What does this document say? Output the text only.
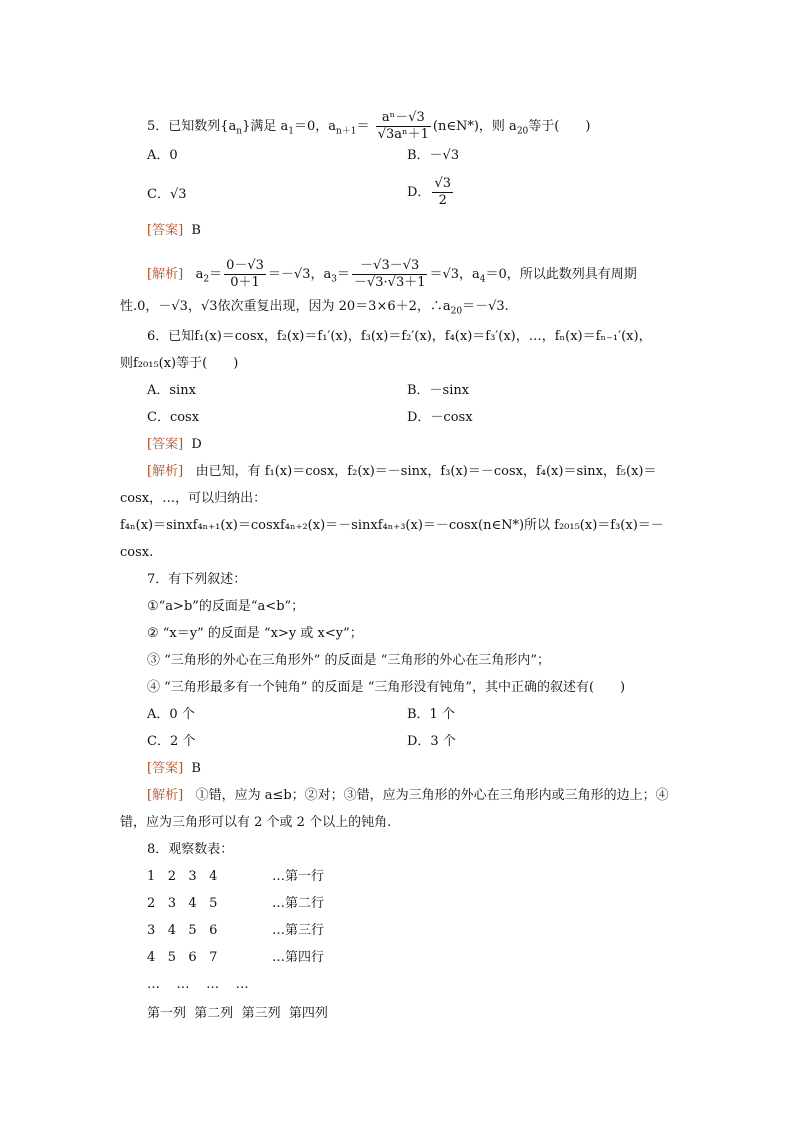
5．已知数列$\{a_n\}$满足 $a_1=0$，$a_{n+1}= \frac{\text{aⁿ－√3}}{\text{√3aⁿ＋1}}$ (n∈N*)，则 $a_{20}$等于(　　)
A．0	B．－√3
C．√3	D． $\frac{√3}{2}$
[答案] B
[解析] $a_2= \frac{0-√3}{0+1} =-√3$，$a_3= \frac{-√3-√3}{-√3\cdot√3+1} =√3$，$a_4=0$，所以此数列具有周期
性.0，－√3，√3依次重复出现，因为 20＝3×6＋2，$\therefore a_{20}=-√3$.
6．已知f₁(x)＝cosx，f₂(x)＝f₁′(x)，f₃(x)＝f₂′(x)，f₄(x)＝f₃′(x)，…，fₙ(x)＝fₙ₋₁′(x)，
则f₂₀₁₅(x)等于(　　)
A．sinx	B．－sinx
C．cosx	D．－cosx
[答案] D
[解析] 由已知，有 f₁(x)＝cosx，f₂(x)＝－sinx，f₃(x)＝－cosx，f₄(x)＝sinx，f₅(x)＝
cosx，…，可以归纳出：
f₄ₙ(x)＝sinxf₄ₙ₊₁(x)＝cosxf₄ₙ₊₂(x)＝－sinxf₄ₙ₊₃(x)＝－cosx(n∈N*)所以 f₂₀₁₅(x)＝f₃(x)＝－
cosx.
7．有下列叙述：
①“a>b”的反面是“a<b”；
② “x＝y” 的反面是 “x>y 或 x<y”；
③ “三角形的外心在三角形外” 的反面是 “三角形的外心在三角形内”；
④ “三角形最多有一个钝角” 的反面是 “三角形没有钝角”，其中正确的叙述有(　　)
A．0 个	B．1 个
C．2 个	D．3 个
[答案] B
[解析] ①错，应为 a≤b；②对；③错，应为三角形的外心在三角形内或三角形的边上；④
错，应为三角形可以有 2 个或 2 个以上的钝角.
8．观察数表：
1 2 3 4	…第一行
2 3 4 5	…第二行
3 4 5 6	…第三行
4 5 6 7	…第四行
… … … …
第一列 第二列 第三列 第四列
